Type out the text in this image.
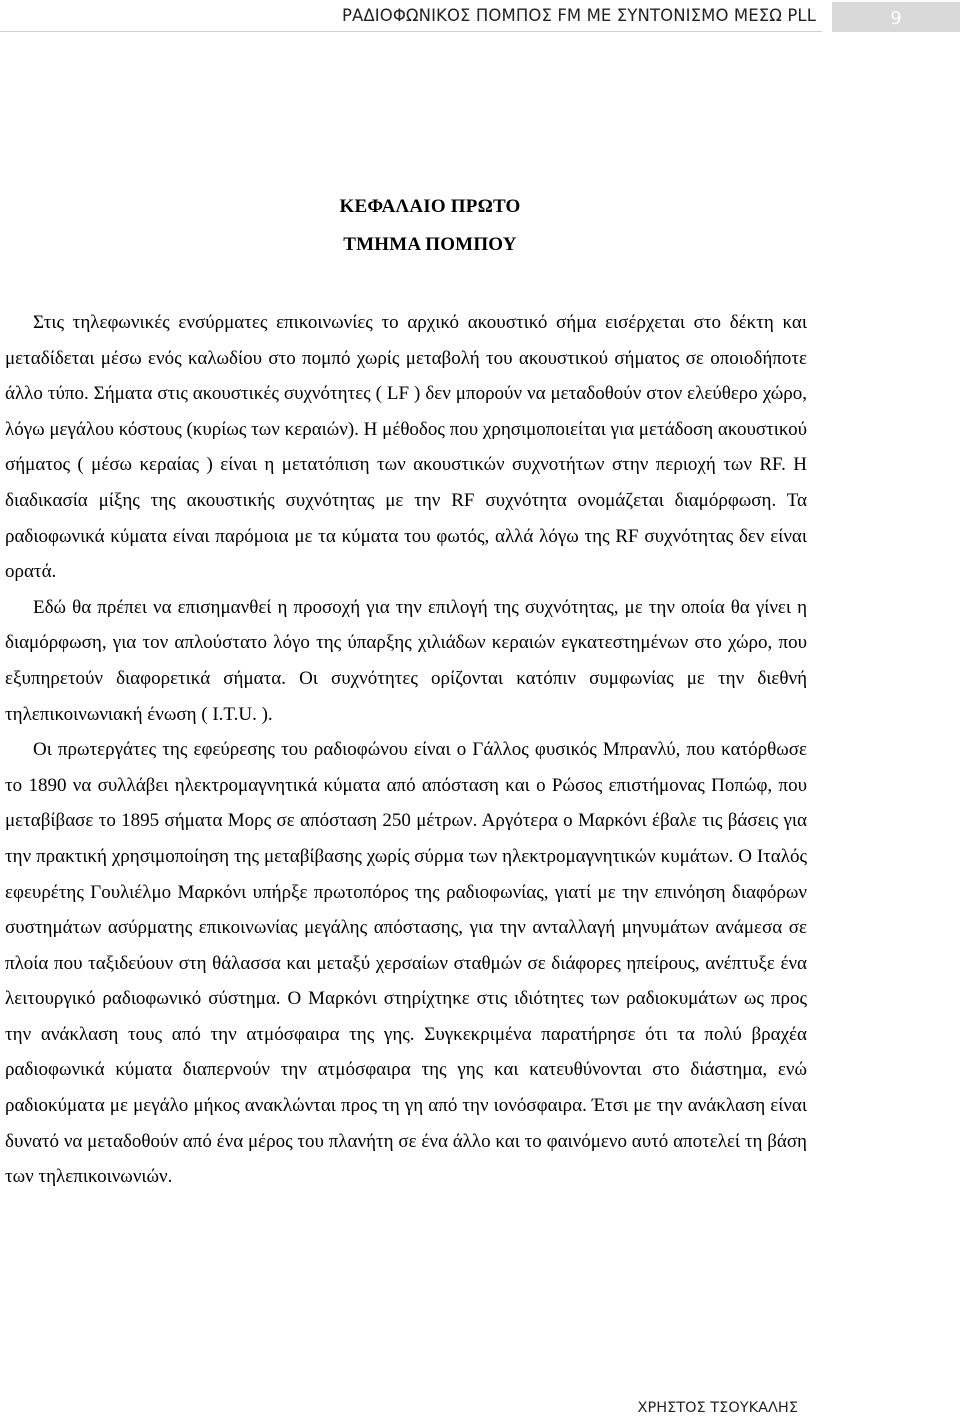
ΡΑΔΙΟΦΩΝΙΚΟΣ ΠΟΜΠΟΣ FM ΜΕ ΣΥΝΤΟΝΙΣΜΟ ΜΕΣΩ PLL	9
ΚΕΦΑΛΑΙΟ ΠΡΩΤΟ
ΤΜΗΜΑ ΠΟΜΠΟΥ

Στις τηλεφωνικές ενσύρματες επικοινωνίες το αρχικό ακουστικό σήμα εισέρχεται στο δέκτη και μεταδίδεται μέσω ενός καλωδίου στο πομπό χωρίς μεταβολή του ακουστικού σήματος σε οποιοδήποτε άλλο τύπο. Σήματα στις ακουστικές συχνότητες ( LF ) δεν μπορούν να μεταδοθούν στον ελεύθερο χώρο, λόγω μεγάλου κόστους (κυρίως των κεραιών). Η μέθοδος που χρησιμοποιείται για μετάδοση ακουστικού σήματος ( μέσω κεραίας ) είναι η μετατόπιση των ακουστικών συχνοτήτων στην περιοχή των RF. Η διαδικασία μίξης της ακουστικής συχνότητας με την RF συχνότητα ονομάζεται διαμόρφωση. Τα ραδιοφωνικά κύματα είναι παρόμοια με τα κύματα του φωτός, αλλά λόγω της RF συχνότητας δεν είναι ορατά.

Εδώ θα πρέπει να επισημανθεί η προσοχή για την επιλογή της συχνότητας, με την οποία θα γίνει η διαμόρφωση, για τον απλούστατο λόγο της ύπαρξης χιλιάδων κεραιών εγκατεστημένων στο χώρο, που εξυπηρετούν διαφορετικά σήματα. Οι συχνότητες ορίζονται κατόπιν συμφωνίας με την διεθνή τηλεπικοινωνιακή ένωση ( I.T.U. ).

Οι πρωτεργάτες της εφεύρεσης του ραδιοφώνου είναι ο Γάλλος φυσικός Μπρανλύ, που κατόρθωσε το 1890 να συλλάβει ηλεκτρομαγνητικά κύματα από απόσταση και ο Ρώσος επιστήμονας Ποπώφ, που μεταβίβασε το 1895 σήματα Μορς σε απόσταση 250 μέτρων. Αργότερα ο Μαρκόνι έβαλε τις βάσεις για την πρακτική χρησιμοποίηση της μεταβίβασης χωρίς σύρμα των ηλεκτρομαγνητικών κυμάτων. Ο Ιταλός εφευρέτης Γουλιέλμο Μαρκόνι υπήρξε πρωτοπόρος της ραδιοφωνίας, γιατί με την επινόηση διαφόρων συστημάτων ασύρματης επικοινωνίας μεγάλης απόστασης, για την ανταλλαγή μηνυμάτων ανάμεσα σε πλοία που ταξιδεύουν στη θάλασσα και μεταξύ χερσαίων σταθμών σε διάφορες ηπείρους, ανέπτυξε ένα λειτουργικό ραδιοφωνικό σύστημα. Ο Μαρκόνι στηρίχτηκε στις ιδιότητες των ραδιοκυμάτων ως προς την ανάκλαση τους από την ατμόσφαιρα της γης. Συγκεκριμένα παρατήρησε ότι τα πολύ βραχέα ραδιοφωνικά κύματα διαπερνούν την ατμόσφαιρα της γης και κατευθύνονται στο διάστημα, ενώ ραδιοκύματα με μεγάλο μήκος ανακλώνται προς τη γη από την ιονόσφαιρα. Έτσι με την ανάκλαση είναι δυνατό να μεταδοθούν από ένα μέρος του πλανήτη σε ένα άλλο και το φαινόμενο αυτό αποτελεί τη βάση των τηλεπικοινωνιών.

ΧΡΗΣΤΟΣ ΤΣΟΥΚΑΛΗΣ
